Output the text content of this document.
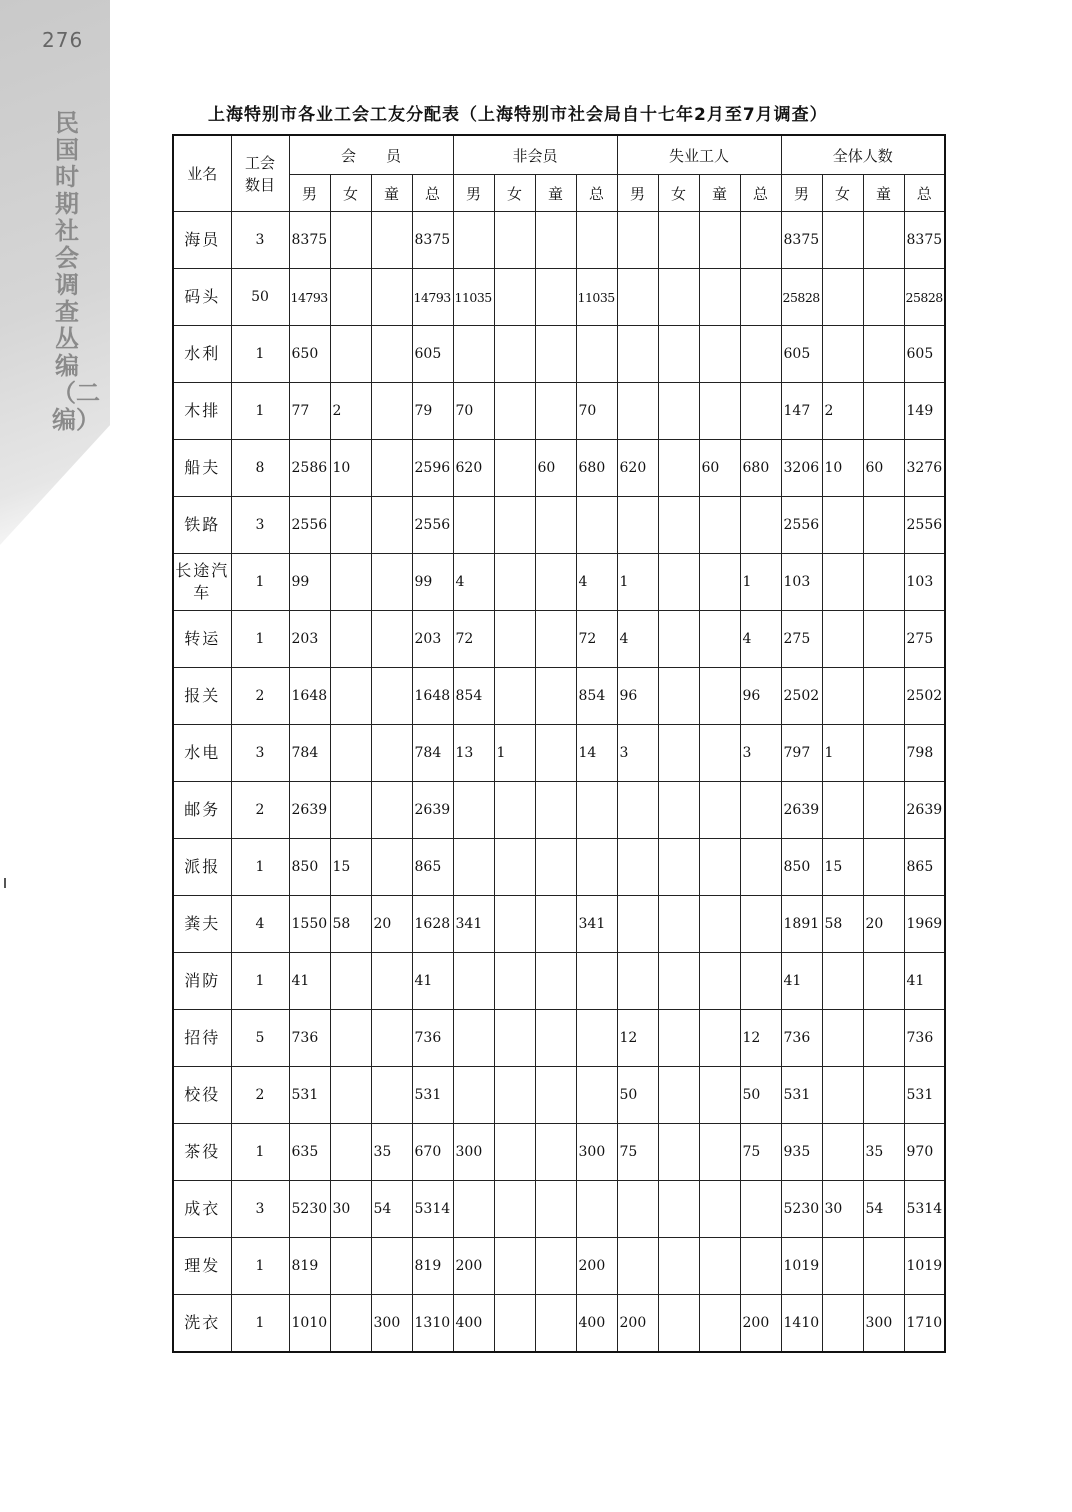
276
民国时期社会调查丛编（二编）
上海特别市各业工会工友分配表（上海特别市社会局自十七年2月至7月调查）
业名	工会数目	会　　员				非会员				失业工人				全体人数			
		男	女	童	总	男	女	童	总	男	女	童	总	男	女	童	总
海员	3	8375			8375									8375			8375
码头	50	14793			14793	11035			11035					25828			25828
水利	1	650			605									605			605
木排	1	77	2		79	70			70					147	2		149
船夫	8	2586	10		2596	620		60	680	620		60	680	3206	10	60	3276
铁路	3	2556			2556									2556			2556
长途汽车	1	99			99	4			4	1			1	103			103
转运	1	203			203	72			72	4			4	275			275
报关	2	1648			1648	854			854	96			96	2502			2502
水电	3	784			784	13	1		14	3			3	797	1		798
邮务	2	2639			2639									2639			2639
派报	1	850	15		865									850	15		865
粪夫	4	1550	58	20	1628	341			341					1891	58	20	1969
消防	1	41			41									41			41
招待	5	736			736					12			12	736			736
校役	2	531			531					50			50	531			531
茶役	1	635		35	670	300			300	75			75	935		35	970
成衣	3	5230	30	54	5314									5230	30	54	5314
理发	1	819			819	200			200					1019			1019
洗衣	1	1010		300	1310	400			400	200			200	1410		300	1710
